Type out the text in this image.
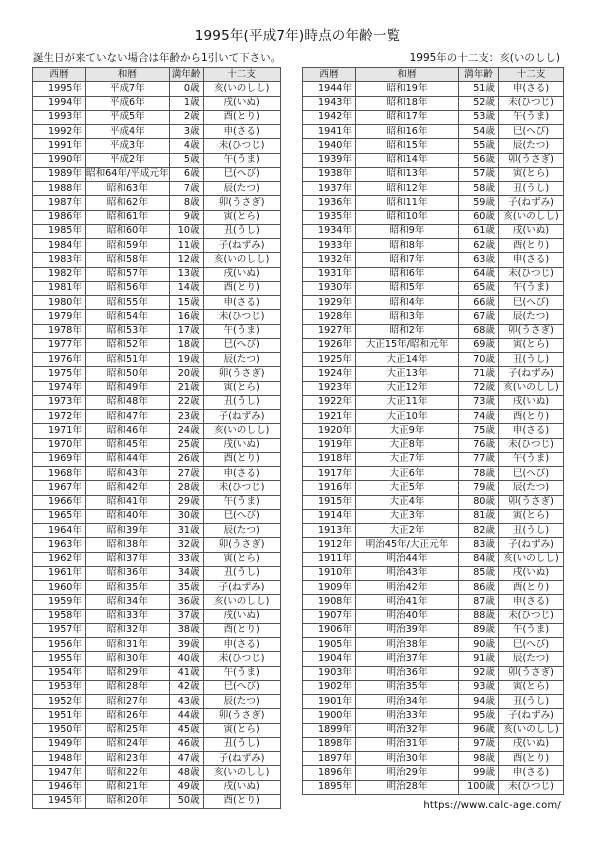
1995年(平成7年)時点の年齢一覧
誕生日が来ていない場合は年齢から1引いて下さい。	1995年の十二支：亥(いのしし)
西暦	和暦	満年齢	十二支
1995年	平成7年	0歳	亥(いのしし)
1994年	平成6年	1歳	戌(いぬ)
1993年	平成5年	2歳	酉(とり)
1992年	平成4年	3歳	申(さる)
1991年	平成3年	4歳	未(ひつじ)
1990年	平成2年	5歳	午(うま)
1989年	昭和64年/平成元年	6歳	巳(へび)
1988年	昭和63年	7歳	辰(たつ)
1987年	昭和62年	8歳	卯(うさぎ)
1986年	昭和61年	9歳	寅(とら)
1985年	昭和60年	10歳	丑(うし)
1984年	昭和59年	11歳	子(ねずみ)
1983年	昭和58年	12歳	亥(いのしし)
1982年	昭和57年	13歳	戌(いぬ)
1981年	昭和56年	14歳	酉(とり)
1980年	昭和55年	15歳	申(さる)
1979年	昭和54年	16歳	未(ひつじ)
1978年	昭和53年	17歳	午(うま)
1977年	昭和52年	18歳	巳(へび)
1976年	昭和51年	19歳	辰(たつ)
1975年	昭和50年	20歳	卯(うさぎ)
1974年	昭和49年	21歳	寅(とら)
1973年	昭和48年	22歳	丑(うし)
1972年	昭和47年	23歳	子(ねずみ)
1971年	昭和46年	24歳	亥(いのしし)
1970年	昭和45年	25歳	戌(いぬ)
1969年	昭和44年	26歳	酉(とり)
1968年	昭和43年	27歳	申(さる)
1967年	昭和42年	28歳	未(ひつじ)
1966年	昭和41年	29歳	午(うま)
1965年	昭和40年	30歳	巳(へび)
1964年	昭和39年	31歳	辰(たつ)
1963年	昭和38年	32歳	卯(うさぎ)
1962年	昭和37年	33歳	寅(とら)
1961年	昭和36年	34歳	丑(うし)
1960年	昭和35年	35歳	子(ねずみ)
1959年	昭和34年	36歳	亥(いのしし)
1958年	昭和33年	37歳	戌(いぬ)
1957年	昭和32年	38歳	酉(とり)
1956年	昭和31年	39歳	申(さる)
1955年	昭和30年	40歳	未(ひつじ)
1954年	昭和29年	41歳	午(うま)
1953年	昭和28年	42歳	巳(へび)
1952年	昭和27年	43歳	辰(たつ)
1951年	昭和26年	44歳	卯(うさぎ)
1950年	昭和25年	45歳	寅(とら)
1949年	昭和24年	46歳	丑(うし)
1948年	昭和23年	47歳	子(ねずみ)
1947年	昭和22年	48歳	亥(いのしし)
1946年	昭和21年	49歳	戌(いぬ)
1945年	昭和20年	50歳	酉(とり)
西暦	和暦	満年齢	十二支
1944年	昭和19年	51歳	申(さる)
1943年	昭和18年	52歳	未(ひつじ)
1942年	昭和17年	53歳	午(うま)
1941年	昭和16年	54歳	巳(へび)
1940年	昭和15年	55歳	辰(たつ)
1939年	昭和14年	56歳	卯(うさぎ)
1938年	昭和13年	57歳	寅(とら)
1937年	昭和12年	58歳	丑(うし)
1936年	昭和11年	59歳	子(ねずみ)
1935年	昭和10年	60歳	亥(いのしし)
1934年	昭和9年	61歳	戌(いぬ)
1933年	昭和8年	62歳	酉(とり)
1932年	昭和7年	63歳	申(さる)
1931年	昭和6年	64歳	未(ひつじ)
1930年	昭和5年	65歳	午(うま)
1929年	昭和4年	66歳	巳(へび)
1928年	昭和3年	67歳	辰(たつ)
1927年	昭和2年	68歳	卯(うさぎ)
1926年	大正15年/昭和元年	69歳	寅(とら)
1925年	大正14年	70歳	丑(うし)
1924年	大正13年	71歳	子(ねずみ)
1923年	大正12年	72歳	亥(いのしし)
1922年	大正11年	73歳	戌(いぬ)
1921年	大正10年	74歳	酉(とり)
1920年	大正9年	75歳	申(さる)
1919年	大正8年	76歳	未(ひつじ)
1918年	大正7年	77歳	午(うま)
1917年	大正6年	78歳	巳(へび)
1916年	大正5年	79歳	辰(たつ)
1915年	大正4年	80歳	卯(うさぎ)
1914年	大正3年	81歳	寅(とら)
1913年	大正2年	82歳	丑(うし)
1912年	明治45年/大正元年	83歳	子(ねずみ)
1911年	明治44年	84歳	亥(いのしし)
1910年	明治43年	85歳	戌(いぬ)
1909年	明治42年	86歳	酉(とり)
1908年	明治41年	87歳	申(さる)
1907年	明治40年	88歳	未(ひつじ)
1906年	明治39年	89歳	午(うま)
1905年	明治38年	90歳	巳(へび)
1904年	明治37年	91歳	辰(たつ)
1903年	明治36年	92歳	卯(うさぎ)
1902年	明治35年	93歳	寅(とら)
1901年	明治34年	94歳	丑(うし)
1900年	明治33年	95歳	子(ねずみ)
1899年	明治32年	96歳	亥(いのしし)
1898年	明治31年	97歳	戌(いぬ)
1897年	明治30年	98歳	酉(とり)
1896年	明治29年	99歳	申(さる)
1895年	明治28年	100歳	未(ひつじ)
https://www.calc-age.com/
